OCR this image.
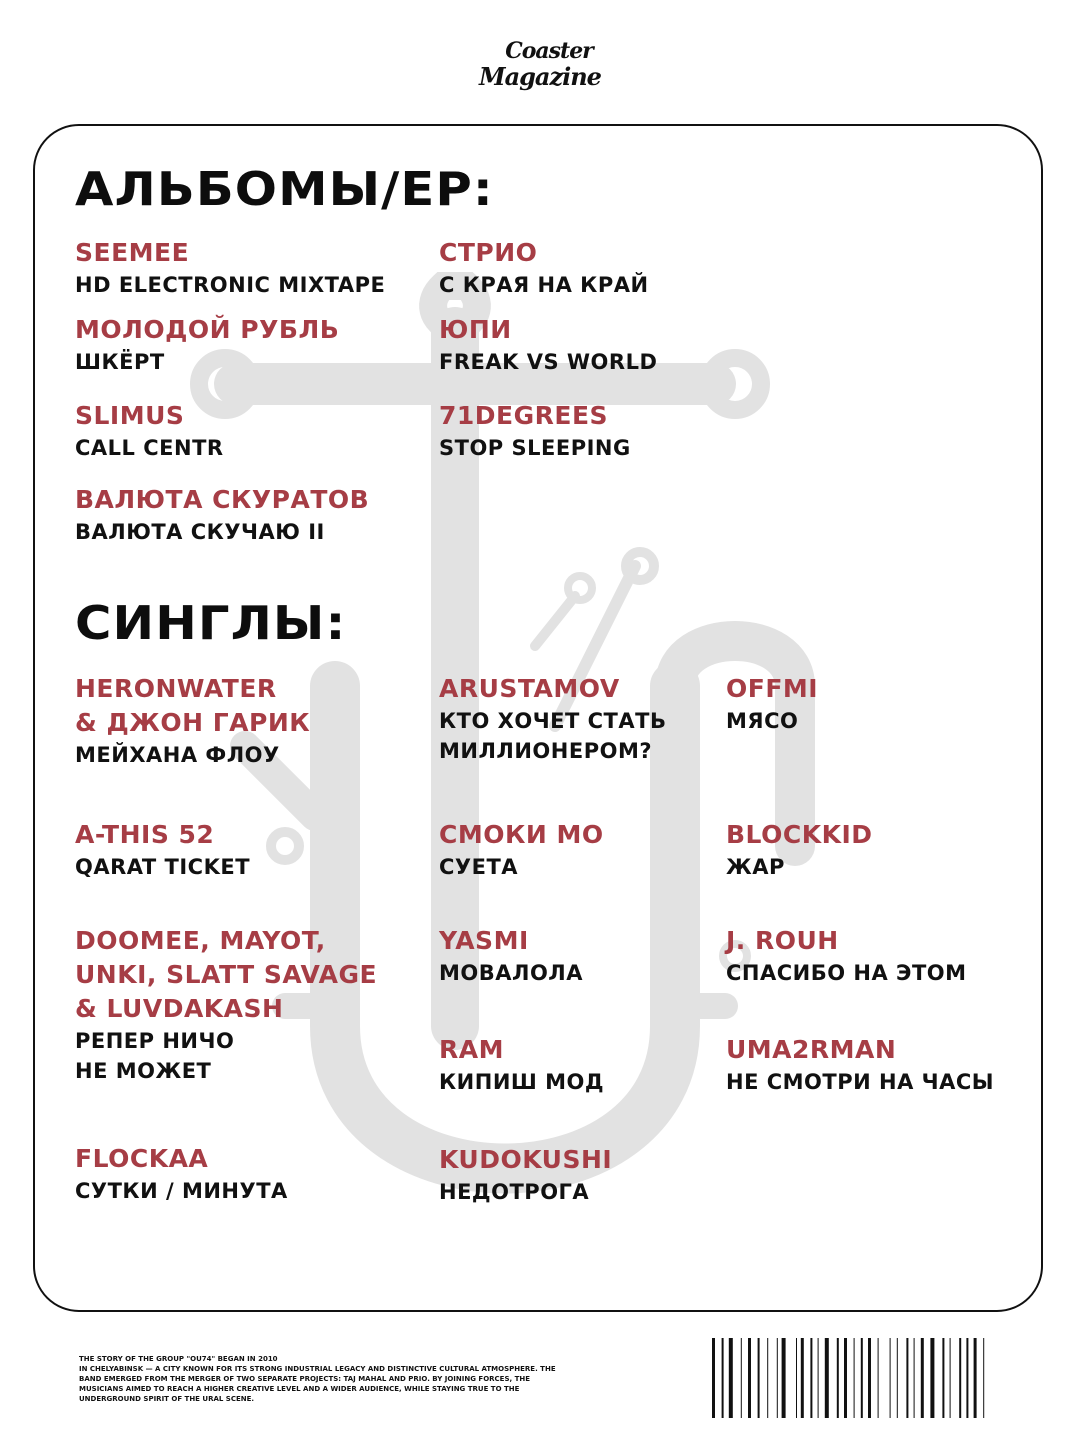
Coaster
Magazine
АЛЬБОМЫ/EP:
SEEMEE
HD ELECTRONIC MIXTAPE
СТРИО
С КРАЯ НА КРАЙ
МОЛОДОЙ РУБЛЬ
ШКЁРТ
ЮПИ
FREAK VS WORLD
SLIMUS
CALL CENTR
71DEGREES
STOP SLEEPING
ВАЛЮТА СКУРАТОВ
ВАЛЮТА СКУЧАЮ II
СИНГЛЫ:
HERONWATER
& ДЖОН ГАРИК
МЕЙХАНА ФЛОУ
ARUSTAMOV
КТО ХОЧЕТ СТАТЬ
МИЛЛИОНЕРОМ?
OFFMI
МЯСО
A-THIS 52
QARAT TICKET
СМОКИ МО
СУЕТА
BLOCKKID
ЖАР
DOOMEE, MAYOT,
UNKI, SLATT SAVAGE
& LUVDAKASH
РЕПЕР НИЧО
НЕ МОЖЕТ
YASMI
МОВАЛОЛА
J. ROUH
СПАСИБО НА ЭТОМ
RAM
КИПИШ МОД
UMA2RMAN
НЕ СМОТРИ НА ЧАСЫ
FLOCKAA
СУТКИ / МИНУТА
KUDOKUSHI
НЕДОТРОГА
THE STORY OF THE GROUP "OU74" BEGAN IN 2010
IN CHELYABINSK — A CITY KNOWN FOR ITS STRONG INDUSTRIAL LEGACY AND DISTINCTIVE CULTURAL ATMOSPHERE. THE
BAND EMERGED FROM THE MERGER OF TWO SEPARATE PROJECTS: TAJ MAHAL AND PRIO. BY JOINING FORCES, THE
MUSICIANS AIMED TO REACH A HIGHER CREATIVE LEVEL AND A WIDER AUDIENCE, WHILE STAYING TRUE TO THE
UNDERGROUND SPIRIT OF THE URAL SCENE.
